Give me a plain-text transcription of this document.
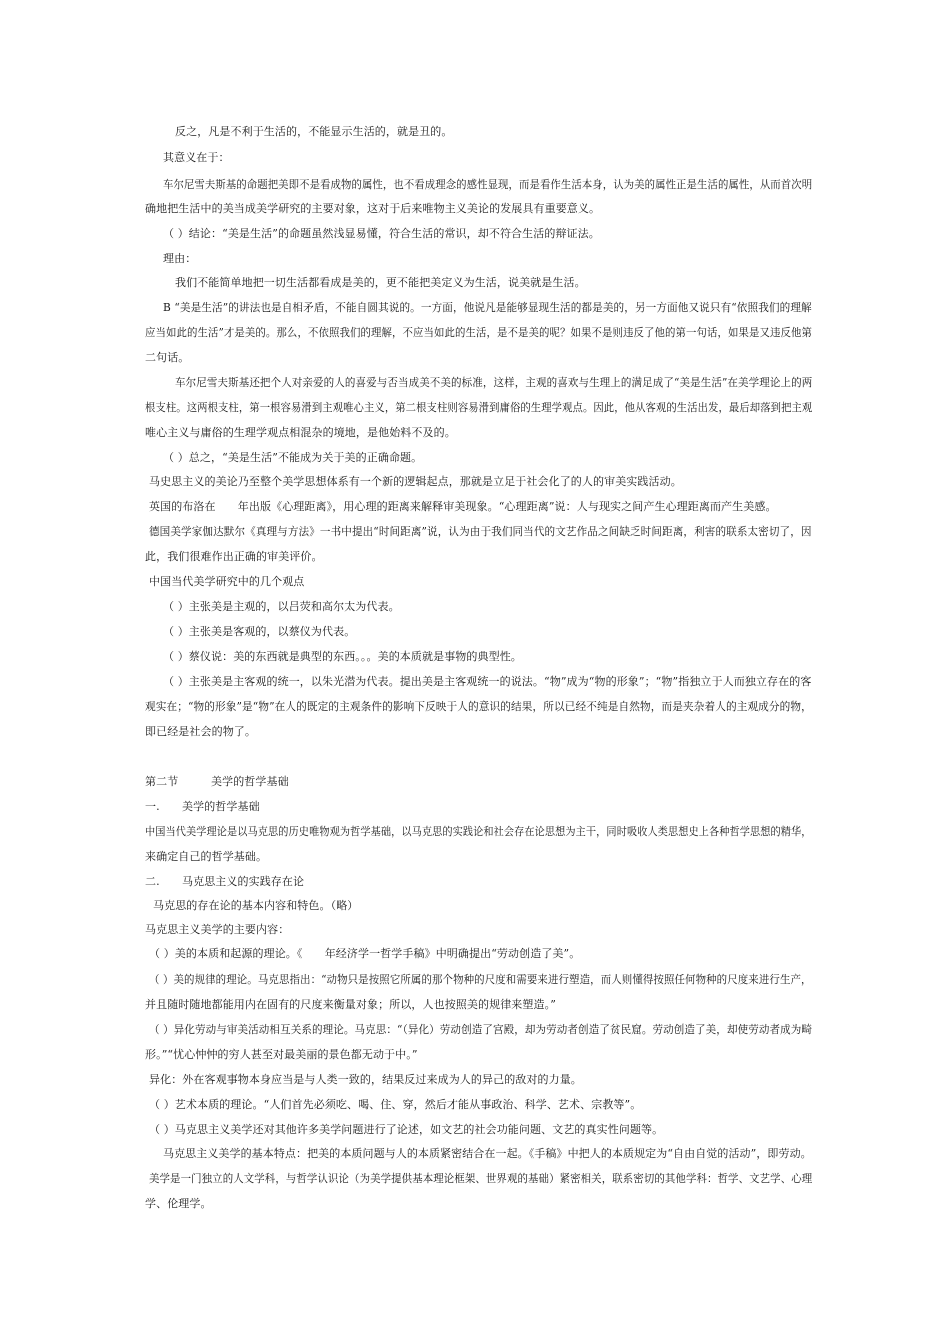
反之，凡是不利于生活的，不能显示生活的，就是丑的。
其意义在于：
车尔尼雪夫斯基的命题把美即不是看成物的属性，也不看成理念的感性显现，而是看作生活本身，认为美的属性正是生活的属性，从而首次明
确地把生活中的美当成美学研究的主要对象，这对于后来唯物主义美论的发展具有重要意义。
（ ）结论：“美是生活”的命题虽然浅显易懂，符合生活的常识，却不符合生活的辩证法。
理由：
我们不能简单地把一切生活都看成是美的，更不能把美定义为生活，说美就是生活。
B “美是生活”的讲法也是自相矛盾，不能自圆其说的。一方面，他说凡是能够显现生活的都是美的，另一方面他又说只有“依照我们的理解
应当如此的生活”才是美的。那么，不依照我们的理解，不应当如此的生活，是不是美的呢？如果不是则违反了他的第一句话，如果是又违反他第
二句话。
车尔尼雪夫斯基还把个人对亲爱的人的喜爱与否当成美不美的标准，这样，主观的喜欢与生理上的满足成了“美是生活”在美学理论上的两
根支柱。这两根支柱，第一根容易滑到主观唯心主义，第二根支柱则容易滑到庸俗的生理学观点。因此，他从客观的生活出发，最后却落到把主观
唯心主义与庸俗的生理学观点相混杂的境地，是他始料不及的。
（ ）总之，“美是生活”不能成为关于美的正确命题。
马史思主义的美论乃至整个美学思想体系有一个新的逻辑起点，那就是立足于社会化了的人的审美实践活动。
英国的布洛在　　年出版《心理距离》，用心理的距离来解释审美现象。“心理距离”说：人与现实之间产生心理距离而产生美感。
德国美学家伽达默尔《真理与方法》一书中提出“时间距离”说，认为由于我们同当代的文艺作品之间缺乏时间距离，利害的联系太密切了，因
此，我们很难作出正确的审美评价。
中国当代美学研究中的几个观点
（ ）主张美是主观的，以吕荧和高尔太为代表。
（ ）主张美是客观的，以蔡仪为代表。
（ ）蔡仪说：美的东西就是典型的东西。。。美的本质就是事物的典型性。
（ ）主张美是主客观的统一，以朱光潜为代表。提出美是主客观统一的说法。“物”成为“物的形象”；“物”指独立于人而独立存在的客
观实在；“物的形象”是“物”在人的既定的主观条件的影响下反映于人的意识的结果，所以已经不纯是自然物，而是夹杂着人的主观成分的物，
即已经是社会的物了。
第二节	美学的哲学基础
一. 美学的哲学基础
中国当代美学理论是以马克思的历史唯物观为哲学基础，以马克思的实践论和社会存在论思想为主干，同时吸收人类思想史上各种哲学思想的精华，
来确定自己的哲学基础。
二. 马克思主义的实践存在论
马克思的存在论的基本内容和特色。（略）
马克思主义美学的主要内容：
（ ）美的本质和起源的理论。《　　年经济学一哲学手稿》中明确提出“劳动创造了美”。
（ ）美的规律的理论。马克思指出：“动物只是按照它所属的那个物种的尺度和需要来进行塑造，而人则懂得按照任何物种的尺度来进行生产，
并且随时随地都能用内在固有的尺度来衡量对象；所以，人也按照美的规律来塑造。”
（ ）异化劳动与审美活动相互关系的理论。马克思：“（异化）劳动创造了宫殿，却为劳动者创造了贫民窟。劳动创造了美，却使劳动者成为畸
形。”“忧心忡忡的穷人甚至对最美丽的景色都无动于中。”
异化：外在客观事物本身应当是与人类一致的，结果反过来成为人的异己的敌对的力量。
（ ）艺术本质的理论。“人们首先必须吃、喝、住、穿，然后才能从事政治、科学、艺术、宗教等”。
（ ）马克思主义美学还对其他许多美学问题进行了论述，如文艺的社会功能问题、文艺的真实性问题等。
马克思主义美学的基本特点：把美的本质问题与人的本质紧密结合在一起。《手稿》中把人的本质规定为“自由自觉的活动”，即劳动。
美学是一门独立的人文学科，与哲学认识论（为美学提供基本理论框架、世界观的基础）紧密相关，联系密切的其他学科：哲学、文艺学、心理
学、伦理学。
